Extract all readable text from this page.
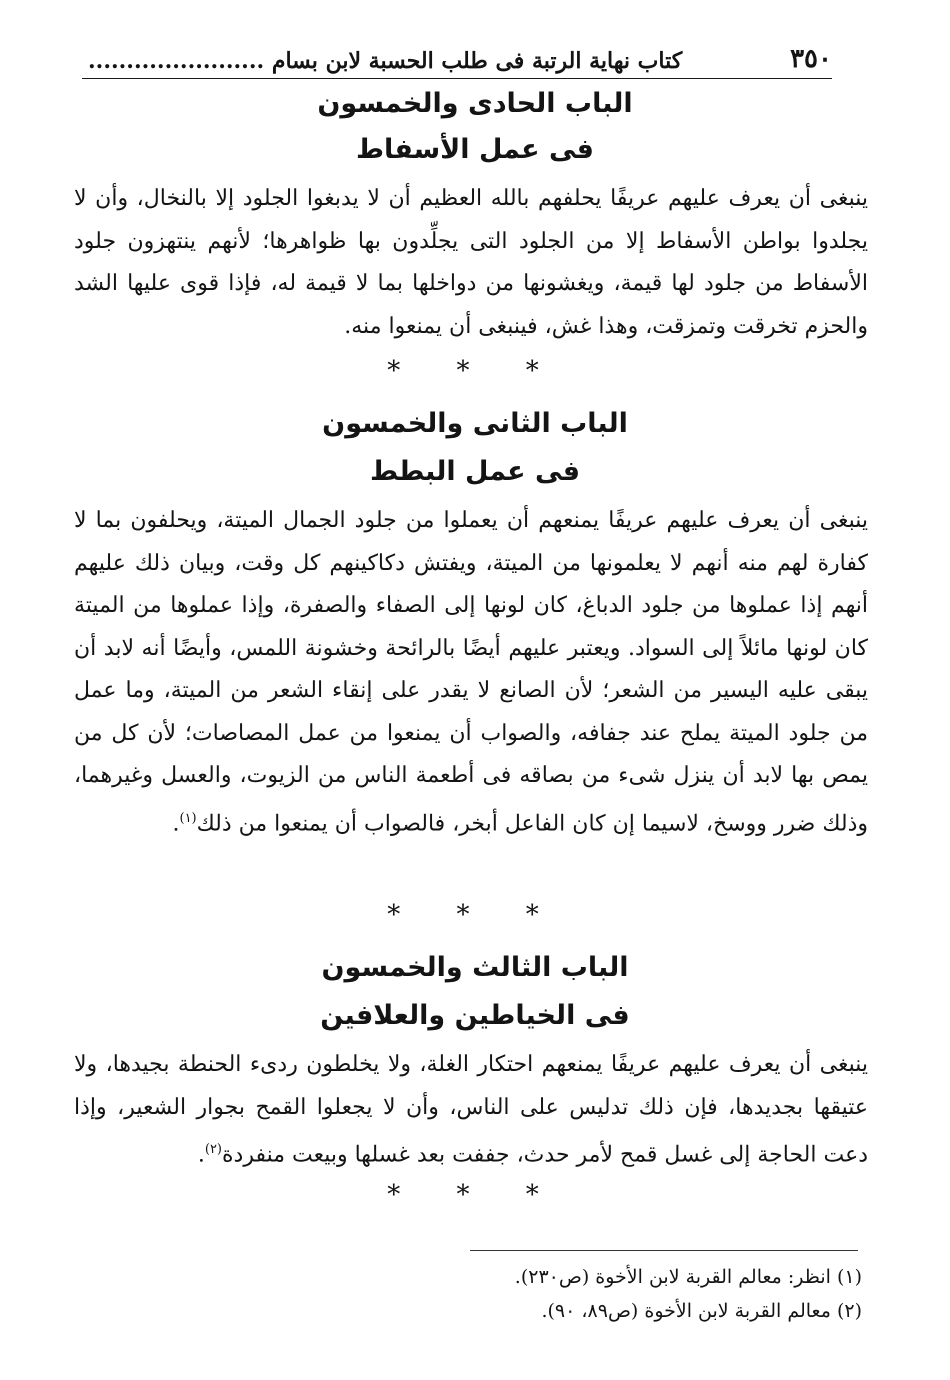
٣٥٠
كتاب نهاية الرتبة فى طلب الحسبة لابن بسام .......................
الباب الحادى والخمسون
فى عمل الأسفاط

ينبغى أن يعرف عليهم عريفًا يحلفهم بالله العظيم أن لا يدبغوا الجلود إلا بالنخال، وأن لا يجلدوا بواطن الأسفاط إلا من الجلود التى يجلِّدون بها ظواهرها؛ لأنهم ينتهزون جلود الأسفاط من جلود لها قيمة، ويغشونها من دواخلها بما لا قيمة له، فإذا قوى عليها الشد والحزم تخرقت وتمزقت، وهذا غش، فينبغى أن يمنعوا منه.

* * *
الباب الثانى والخمسون
فى عمل البطط

ينبغى أن يعرف عليهم عريفًا يمنعهم أن يعملوا من جلود الجمال الميتة، ويحلفون بما لا كفارة لهم منه أنهم لا يعلمونها من الميتة، ويفتش دكاكينهم كل وقت، وبيان ذلك عليهم أنهم إذا عملوها من جلود الدباغ، كان لونها إلى الصفاء والصفرة، وإذا عملوها من الميتة كان لونها مائلاً إلى السواد. ويعتبر عليهم أيضًا بالرائحة وخشونة اللمس، وأيضًا أنه لابد أن يبقى عليه اليسير من الشعر؛ لأن الصانع لا يقدر على إنقاء الشعر من الميتة، وما عمل من جلود الميتة يملح عند جفافه، والصواب أن يمنعوا من عمل المصاصات؛ لأن كل من يمص بها لابد أن ينزل شىء من بصاقه فى أطعمة الناس من الزيوت، والعسل وغيرهما، وذلك ضرر ووسخ، لاسيما إن كان الفاعل أبخر، فالصواب أن يمنعوا من ذلك$^{(١)}$.

* * *
الباب الثالث والخمسون
فى الخياطين والعلافين

ينبغى أن يعرف عليهم عريفًا يمنعهم احتكار الغلة، ولا يخلطون ردىء الحنطة بجيدها، ولا عتيقها بجديدها، فإن ذلك تدليس على الناس، وأن لا يجعلوا القمح بجوار الشعير، وإذا دعت الحاجة إلى غسل قمح لأمر حدث، جففت بعد غسلها وبيعت منفردة$^{(٢)}$.

* * *
(١) انظر: معالم القربة لابن الأخوة (ص٢٣٠).
(٢) معالم القربة لابن الأخوة (ص٨٩، ٩٠).
